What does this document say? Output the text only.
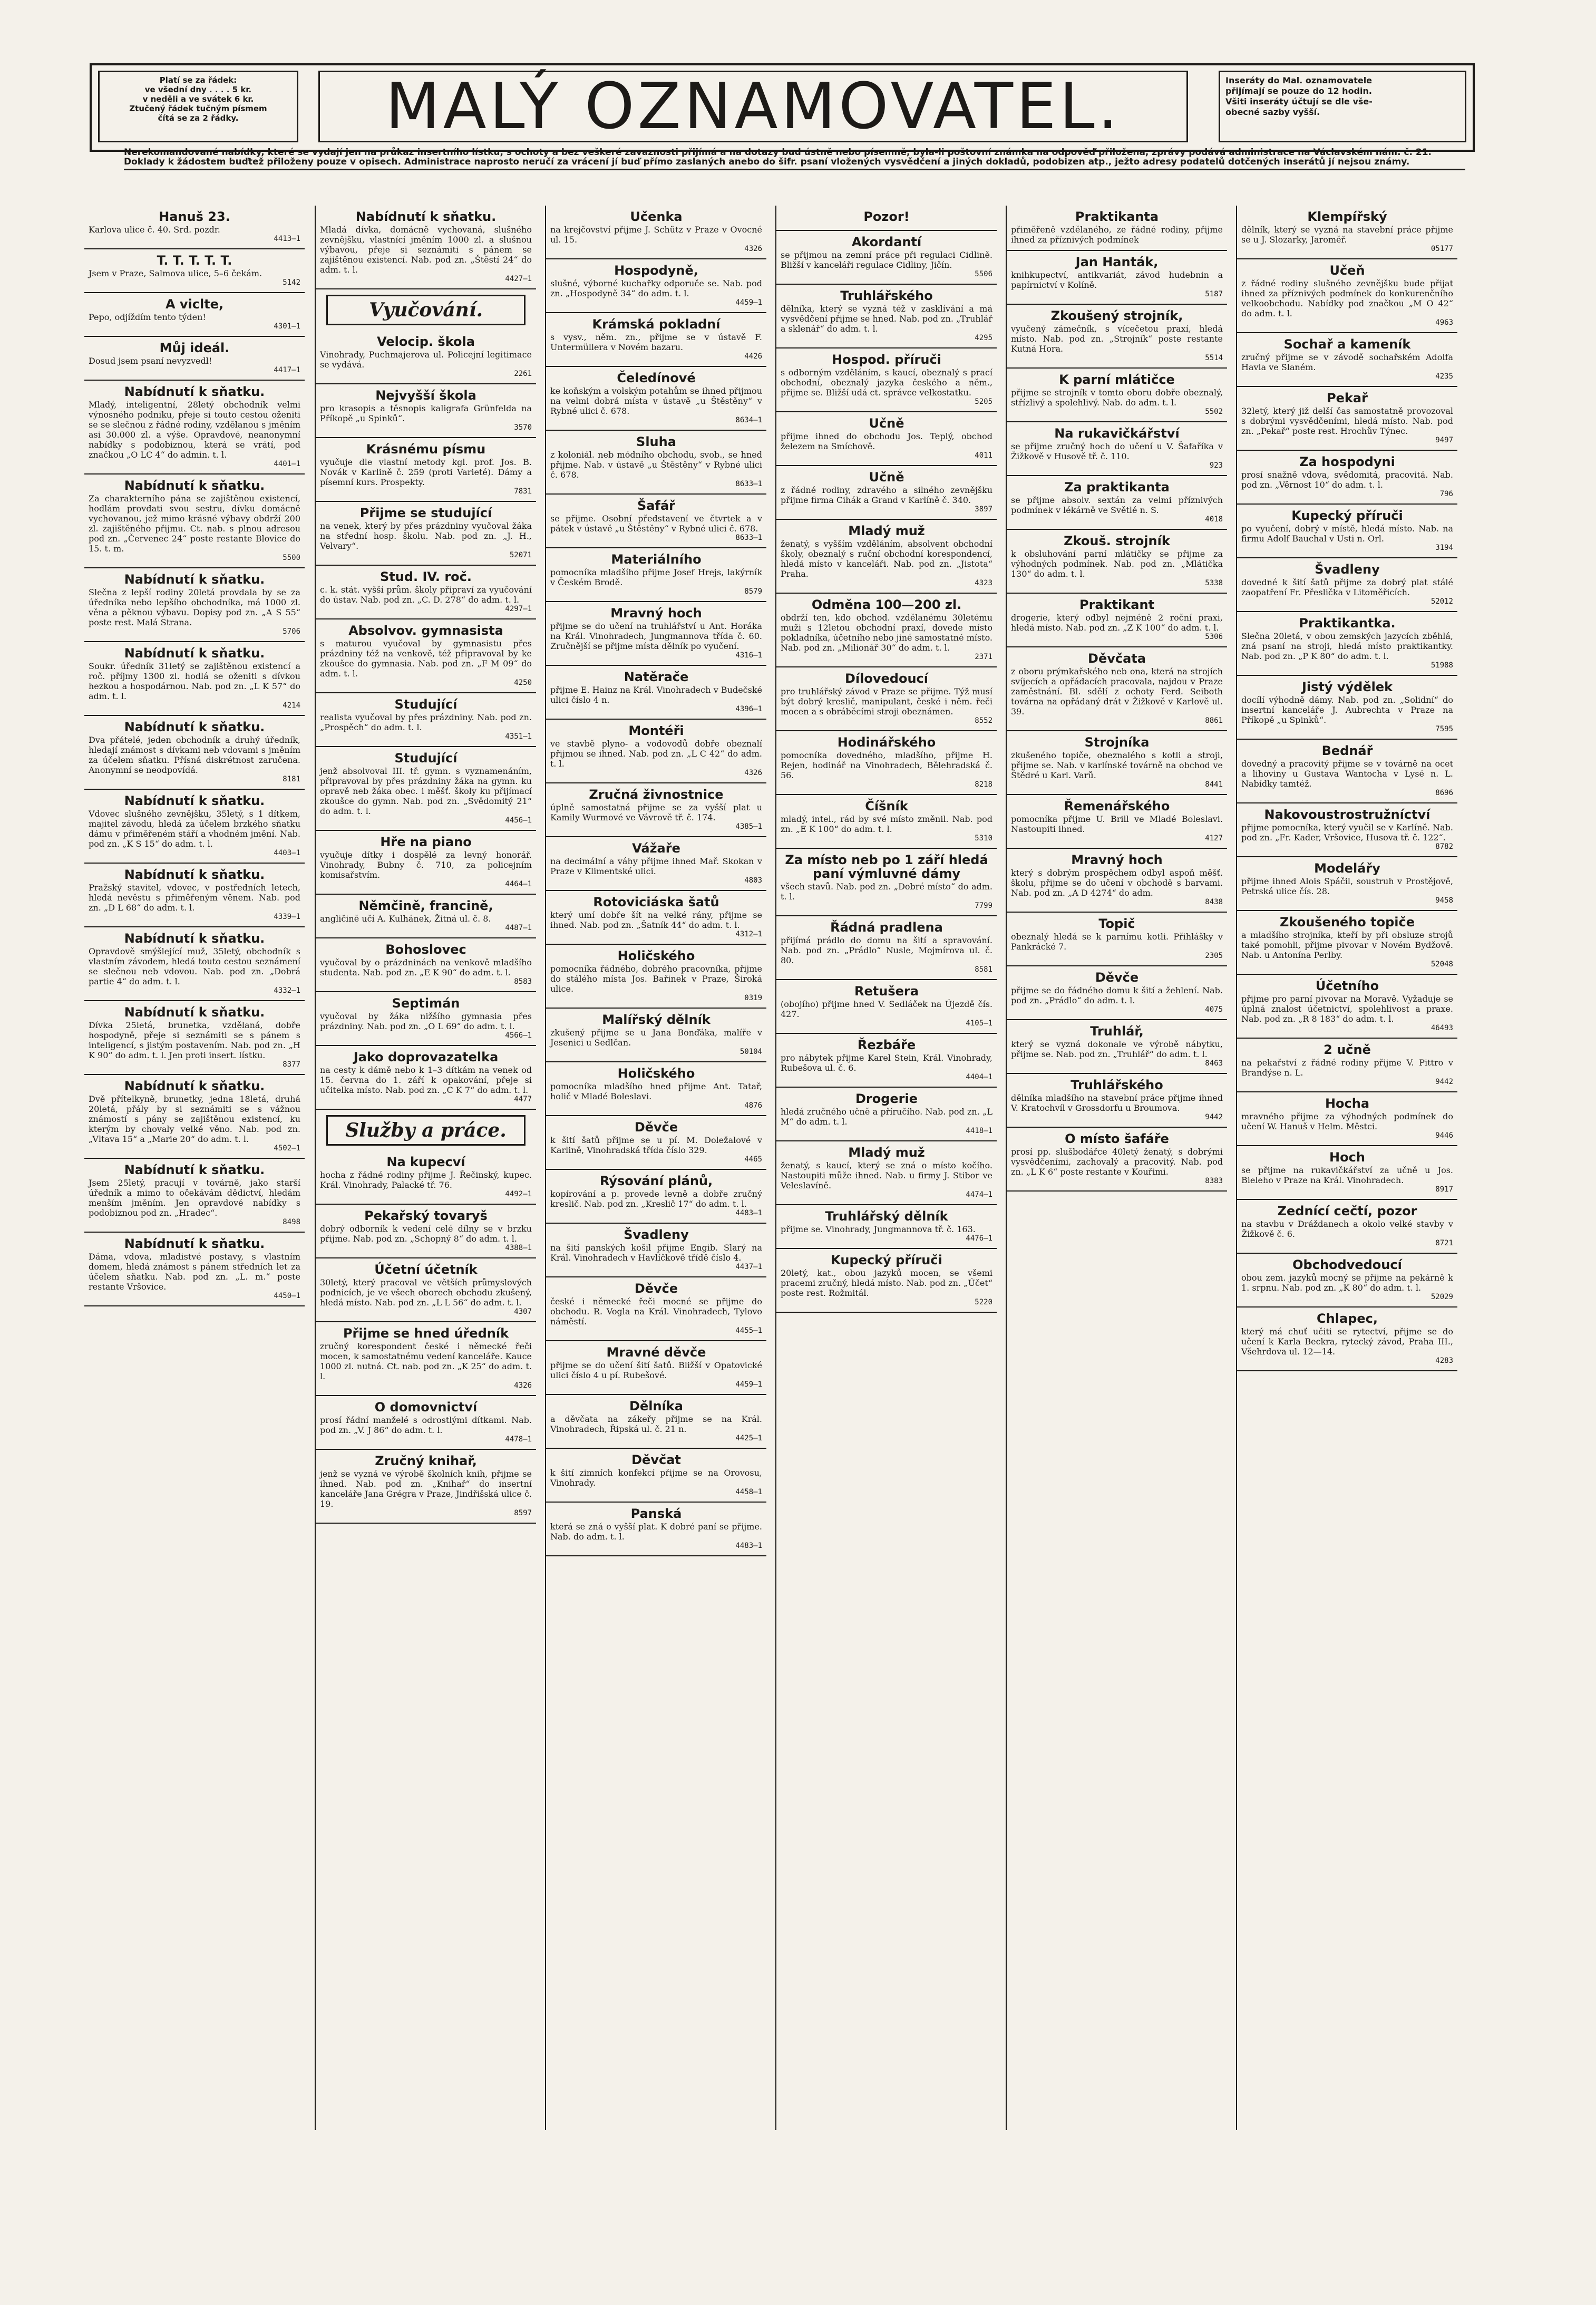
Platí se za řádek:
ve všední dny . . . . 5 kr.
v neděli a ve svátek 6 kr.
Ztučený řádek tučným písmem
čítá se za 2 řádky.	MALÝ OZNAMOVATEL.	Inseráty do Mal. oznamovatele
přijímají se pouze do 12 hodin.
Všiti inseráty účtují se dle vše-
obecné sazby vyšší.
Nerekomandované nabídky, které se vydají jen na průkaz insertního lístku, s ochoty a bez veškeré zavaznosti přijímá a na dotazy bud ústně nebo písemně, byla-li poštovní známka na odpověď přiložena, zprávy podává administrace na Václavském nám. č. 21. Doklady k žádostem buďtež přiloženy pouze v opisech. Administrace naprosto neručí za vrácení jí buď přímo zaslaných anebo do šifr. psaní vložených vysvědčení a jiných dokladů, podobizen atp., ježto adresy podatelů dotčených inserátů jí nejsou známy.
Hanuš 23.
Karlova ulice č. 40. Srd. pozdr.
4413—1
T. T. T. T. T.
Jsem v Praze, Salmova ulice, 5–6 čekám.
5142
A viclte,
Pepo, odjíždím tento týden!
4301—1
Můj ideál.
Dosud jsem psaní nevyzvedl!
4417—1
Nabídnutí k sňatku.
Mladý, inteligentní, 28letý obchodník velmi výnosného podniku, přeje si touto cestou oženiti se se slečnou z řádné rodiny, vzdělanou s jměním asi 30.000 zl. a výše. Opravdové, neanonymní nabídky s podobiznou, která se vrátí, pod značkou „O LC 4“ do admin. t. l.
4401—1
Nabídnutí k sňatku.
Za charakterního pána se zajištěnou existencí, hodlám provdati svou sestru, dívku domácně vychovanou, jež mimo krásné výbavy obdrží 200 zl. zajištěného přijmu. Ct. nab. s plnou adresou pod zn. „Červenec 24“ poste restante Blovice do 15. t. m.
5500
Nabídnutí k sňatku.
Slečna z lepší rodiny 20letá provdala by se za úředníka nebo lepšího obchodníka, má 1000 zl. věna a pěknou výbavu. Dopisy pod zn. „A S 55“ poste rest. Malá Strana.
5706
Nabídnutí k sňatku.
Soukr. úředník 31letý se zajištěnou existencí a roč. příjmy 1300 zl. hodlá se oženiti s dívkou hezkou a hospodárnou. Nab. pod zn. „L K 57“ do adm. t. l.
4214
Nabídnutí k sňatku.
Dva přátelé, jeden obchodník a druhý úředník, hledají známost s dívkami neb vdovami s jměním za účelem sňatku. Přísná diskrétnost zaručena. Anonymní se neodpovídá.
8181
Nabídnutí k sňatku.
Vdovec slušného zevnějšku, 35letý, s 1 dítkem, majitel závodu, hledá za účelem brzkého sňatku dámu v přiměřeném stáří a vhodném jmění. Nab. pod zn. „K S 15“ do adm. t. l.
4403—1
Nabídnutí k sňatku.
Pražský stavitel, vdovec, v postředních letech, hledá nevěstu s přiměřeným věnem. Nab. pod zn. „D L 68“ do adm. t. l.
4339—1
Nabídnutí k sňatku.
Opravdově smýšlející muž, 35letý, obchodník s vlastním závodem, hledá touto cestou seznámení se slečnou neb vdovou. Nab. pod zn. „Dobrá partie 4“ do adm. t. l.
4332—1
Nabídnutí k sňatku.
Dívka 25letá, brunetka, vzdělaná, dobře hospodyně, přeje si seznámiti se s pánem s inteligencí, s jistým postavením. Nab. pod zn. „H K 90“ do adm. t. l. Jen proti insert. lístku.
8377
Nabídnutí k sňatku.
Dvě přítelkyně, brunetky, jedna 18letá, druhá 20letá, přály by si seznámiti se s vážnou známostí s pány se zajištěnou existencí, ku kterým by chovaly velké věno. Nab. pod zn. „Vltava 15“ a „Marie 20“ do adm. t. l.
4502—1
Nabídnutí k sňatku.
Jsem 25letý, pracují v továrně, jako starší úředník a mimo to očekávám dědictví, hledám menším jměním. Jen opravdové nabídky s podobiznou pod zn. „Hradec“.
8498
Nabídnutí k sňatku.
Dáma, vdova, mladistvé postavy, s vlastním domem, hledá známost s pánem středních let za účelem sňatku. Nab. pod zn. „L. m.“ poste restante Vršovice.
4450—1
Nabídnutí k sňatku.
Mladá dívka, domácně vychovaná, slušného zevnějšku, vlastnící jměním 1000 zl. a slušnou výbavou, přeje si seznámiti s pánem se zajištěnou existencí. Nab. pod zn. „Štěstí 24“ do adm. t. l.
4427—1
Vyučování.
Velocip. škola
Vinohrady, Puchmajerova ul. Policejní legitimace se vydává.
2261
Nejvyšší škola
pro krasopis a těsnopis kaligrafa Grünfelda na Příkopě „u Spinků“.
3570
Krásnému písmu
vyučuje dle vlastní metody kgl. prof. Jos. B. Novák v Karlině č. 259 (proti Varieté). Dámy a písemní kurs. Prospekty.
7831
Přijme se studující
na venek, který by přes prázdniny vyučoval žáka na střední hosp. školu. Nab. pod zn. „J. H., Velvary“.
52071
Stud. IV. roč.
c. k. stát. vyšší prům. školy připraví za vyučování do ústav. Nab. pod zn. „C. D. 278“ do adm. t. l.
4297—1
Absolvov. gymnasista
s maturou vyučoval by gymnasistu přes prázdniny též na venkově, též připravoval by ke zkoušce do gymnasia. Nab. pod zn. „F M 09“ do adm. t. l.
4250
Studující
realista vyučoval by přes prázdniny. Nab. pod zn. „Prospěch“ do adm. t. l.
4351—1
Studující
jenž absolvoval III. tř. gymn. s vyznamenáním, připravoval by přes prázdniny žáka na gymn. ku opravě neb žáka obec. i měšť. školy ku přijímací zkoušce do gymn. Nab. pod zn. „Svědomitý 21“ do adm. t. l.
4456—1
Hře na piano
vyučuje dítky i dospělé za levný honorář. Vinohrady, Bubny č. 710, za policejním komisařstvím.
4464—1
Němčině, francině,
angličině učí A. Kulhánek, Žitná ul. č. 8.
4487—1
Bohoslovec
vyučoval by o prázdninách na venkově mladšího studenta. Nab. pod zn. „E K 90“ do adm. t. l.
8583
Septimán
vyučoval by žáka nižšího gymnasia přes prázdniny. Nab. pod zn. „O L 69“ do adm. t. l.
4566—1
Jako doprovazatelka
na cesty k dámě nebo k 1–3 dítkám na venek od 15. června do 1. září k opakování, přeje si učitelka místo. Nab. pod zn. „C K 7“ do adm. t. l.
4477
Služby a práce.
Na kupecví
hocha z řádné rodiny přijme J. Řečinský, kupec. Král. Vinohrady, Palacké tř. 76.
4492—1
Pekařský tovaryš
dobrý odborník k vedení celé dílny se v brzku přijme. Nab. pod zn. „Schopný 8“ do adm. t. l.
4388—1
Účetní účetník
30letý, který pracoval ve větších průmyslových podnicích, je ve všech oborech obchodu zkušený, hledá místo. Nab. pod zn. „L L 56“ do adm. t. l.
4307
Přijme se hned úředník
zručný korespondent české i německé řeči mocen, k samostatnému vedení kanceláře. Kauce 1000 zl. nutná. Ct. nab. pod zn. „K 25“ do adm. t. l.
4326
O domovnictví
prosí řádní manželé s odrostlými dítkami. Nab. pod zn. „V. J 86“ do adm. t. l.
4478—1
Zručný knihař,
jenž se vyzná ve výrobě školních knih, přijme se ihned. Nab. pod zn. „Knihař“ do insertní kanceláře Jana Grégra v Praze, Jindřišská ulice č. 19.
8597
Učenka
na krejčovství přijme J. Schütz v Praze v Ovocné ul. 15.
4326
Hospodyně,
slušné, výborné kuchařky odporuče se. Nab. pod zn. „Hospodyně 34“ do adm. t. l.
4459—1
Krámská pokladní
s vysv., něm. zn., přijme se v ústavě F. Untermüllera v Novém bazaru.
4426
Čeledínové
ke koňským a volským potahům se ihned přijmou na velmi dobrá místa v ústavě „u Štěstěny“ v Rybné ulici č. 678.
8634—1
Sluha
z koloniál. neb módního obchodu, svob., se hned přijme. Nab. v ústavě „u Štěstěny“ v Rybné ulici č. 678.
8633—1
Šafář
se přijme. Osobní představení ve čtvrtek a v pátek v ústavě „u Štěstěny“ v Rybné ulici č. 678.
8633—1
Materiálního
pomocníka mladšího přijme Josef Hrejs, lakýrník v Českém Brodě.
8579
Mravný hoch
přijme se do učení na truhlářství u Ant. Horáka na Král. Vinohradech, Jungmannova třída č. 60. Zručnější se přijme místa dělník po vyučení.
4316—1
Natěrače
přijme E. Hainz na Král. Vinohradech v Budečské ulici číslo 4 n.
4396—1
Montéři
ve stavbě plyno- a vodovodů dobře obeznalí přijmou se ihned. Nab. pod zn. „L C 42“ do adm. t. l.
4326
Zručná živnostnice
úplně samostatná přijme se za vyšší plat u Kamily Wurmové ve Vávrově tř. č. 174.
4385—1
Vážaře
na decimální a váhy přijme ihned Mař. Skokan v Praze v Klimentské ulici.
4803
Rotoviciáska šatů
který umí dobře šít na velké rány, přijme se ihned. Nab. pod zn. „Šatník 44“ do adm. t. l.
4312—1
Holičského
pomocníka řádného, dobrého pracovníka, přijme do stálého místa Jos. Bařinek v Praze, Široká ulice.
0319
Malířský dělník
zkušený přijme se u Jana Bonďáka, malíře v Jesenici u Sedlčan.
50104
Holičského
pomocníka mladšího hned přijme Ant. Tatař, holič v Mladé Boleslavi.
4876
Děvče
k šití šatů přijme se u pí. M. Doležalové v Karlině, Vinohradská třída číslo 329.
4465
Rýsování plánů,
kopírování a p. provede levně a dobře zručný kreslič. Nab. pod zn. „Kreslič 17“ do adm. t. l.
4483—1
Švadleny
na šití panských košil přijme Engib. Slarý na Král. Vinohradech v Havlíčkově třídě číslo 4.
4437—1
Děvče
české i německé řeči mocné se přijme do obchodu. R. Vogla na Král. Vinohradech, Tylovo náměstí.
4455—1
Mravné děvče
přijme se do učení šití šatů. Bližší v Opatovické ulici číslo 4 u pí. Rubešové.
4459—1
Dělníka
a děvčata na zákeřy přijme se na Král. Vinohradech, Řipská ul. č. 21 n.
4425—1
Děvčat
k šití zimních konfekcí přijme se na Orovosu, Vinohrady.
4458—1
Panská
která se zná o vyšší plat. K dobré paní se přijme. Nab. do adm. t. l.
4483—1
Pozor!
Akordantí
se přijmou na zemní práce při regulaci Cidlině. Bližší v kanceláři regulace Cidliny, Jičín.
5506
Truhlářského
dělníka, který se vyzná též v zasklívání a má vysvědčení přijme se hned. Nab. pod zn. „Truhlář a sklenář“ do adm. t. l.
4295
Hospod. příruči
s odborným vzděláním, s kaucí, obeznalý s prací obchodní, obeznalý jazyka českého a něm., přijme se. Bližší udá ct. správce velkostatku.
5205
Učně
přijme ihned do obchodu Jos. Teplý, obchod železem na Smíchově.
4011
Učně
z řádné rodiny, zdravého a silného zevnějšku přijme firma Cihák a Grand v Karlíně č. 340.
3897
Mladý muž
ženatý, s vyšším vzděláním, absolvent obchodní školy, obeznalý s ruční obchodní korespondencí, hledá místo v kanceláři. Nab. pod zn. „Jistota“ Praha.
4323
Odměna 100—200 zl.
obdrží ten, kdo obchod. vzdělanému 30letému muži s 12letou obchodní praxí, dovede místo pokladníka, účetního nebo jiné samostatné místo. Nab. pod zn. „Milionář 30“ do adm. t. l.
2371
Dílovedoucí
pro truhlářský závod v Praze se přijme. Týž musí být dobrý kreslič, manipulant, české i něm. řeči mocen a s obráběcími stroji obeznámen.
8552
Hodinářského
pomocníka dovedného, mladšího, přijme H. Rejen, hodinář na Vinohradech, Bělehradská č. 56.
8218
Číšník
mladý, intel., rád by své místo změnil. Nab. pod zn. „E K 100“ do adm. t. l.
5310
Za místo neb po 1 září hledá paní výmluvné dámy
všech stavů. Nab. pod zn. „Dobré místo“ do adm. t. l.
7799
Řádná pradlena
přijímá prádlo do domu na šití a spravování. Nab. pod zn. „Prádlo“ Nusle, Mojmírova ul. č. 80.
8581
Retušera
(obojího) přijme hned V. Sedláček na Újezdě čís. 427.
4105—1
Řezbáře
pro nábytek přijme Karel Stein, Král. Vinohrady, Rubešova ul. č. 6.
4404—1
Drogerie
hledá zručného učně a příručího. Nab. pod zn. „L M“ do adm. t. l.
4418—1
Mladý muž
ženatý, s kaucí, který se zná o místo kočího. Nastoupiti může ihned. Nab. u firmy J. Stibor ve Veleslavíně.
4474—1
Truhlářský dělník
přijme se. Vinohrady, Jungmannova tř. č. 163.
4476—1
Kupecký příruči
20letý, kat., obou jazyků mocen, se všemi pracemi zručný, hledá místo. Nab. pod zn. „Účet“ poste rest. Rožmitál.
5220
Praktikanta
přiměřeně vzdělaného, ze řádné rodiny, přijme ihned za příznivých podmínek
Jan Hanták,
knihkupectví, antikvariát, závod hudebnin a papírnictví v Kolíně.
5187
Zkoušený strojník,
vyučený zámečník, s vícečetou praxí, hledá místo. Nab. pod zn. „Strojník“ poste restante Kutná Hora.
5514
K parní mlátičce
přijme se strojník v tomto oboru dobře obeznalý, střízlivý a spolehlivý. Nab. do adm. t. l.
5502
Na rukavičkářství
se přijme zručný hoch do učení u V. Šafaříka v Žižkově v Husově tř. č. 110.
923
Za praktikanta
se přijme absolv. sextán za velmi příznivých podmínek v lékárně ve Světlé n. S.
4018
Zkouš. strojník
k obsluhování parní mlátičky se přijme za výhodných podmínek. Nab. pod zn. „Mlátička 130“ do adm. t. l.
5338
Praktikant
drogerie, který odbyl nejméně 2 roční praxi, hledá místo. Nab. pod zn. „Z K 100“ do adm. t. l.
5306
Děvčata
z oboru prýmkařského neb ona, která na strojích svíjecích a opřádacích pracovala, najdou v Praze zaměstnání. Bl. sdělí z ochoty Ferd. Seiboth továrna na opřádaný drát v Žižkově v Karlově ul. 39.
8861
Strojníka
zkušeného topiče, obeznalého s kotli a stroji, přijme se. Nab. v karlínské továrně na obchod ve Štědré u Karl. Varů.
8441
Řemenářského
pomocníka přijme U. Brill ve Mladé Boleslavi. Nastoupiti ihned.
4127
Mravný hoch
který s dobrým prospěchem odbyl aspoň měšť. školu, přijme se do učení v obchodě s barvami. Nab. pod zn. „A D 4274“ do adm.
8438
Topič
obeznalý hledá se k parnímu kotli. Přihlášky v Pankrácké 7.
2305
Děvče
přijme se do řádného domu k šití a žehlení. Nab. pod zn. „Prádlo“ do adm. t. l.
4075
Truhlář,
který se vyzná dokonale ve výrobě nábytku, přijme se. Nab. pod zn. „Truhlář“ do adm. t. l.
8463
Truhlářského
dělníka mladšího na stavební práce přijme ihned V. Kratochvíl v Grossdorfu u Broumova.
9442
O místo šafáře
prosí pp. slušbodářce 40letý ženatý, s dobrými vysvědčeními, zachovalý a pracovitý. Nab. pod zn. „L K 6“ poste restante v Kouřimi.
8383
Klempířský
dělník, který se vyzná na stavební práce přijme se u J. Slozarky, Jaroměř.
05177
Učeň
z řádné rodiny slušného zevnějšku bude přijat ihned za příznivých podmínek do konkurenčního velkoobchodu. Nabídky pod značkou „M O 42“ do adm. t. l.
4963
Sochař a kameník
zručný přijme se v závodě sochařském Adolfa Havla ve Slaném.
4235
Pekař
32letý, který již delší čas samostatně provozoval s dobrými vysvědčeními, hledá místo. Nab. pod zn. „Pekař“ poste rest. Hrochův Týnec.
9497
Za hospodyni
prosí snažně vdova, svědomitá, pracovitá. Nab. pod zn. „Věrnost 10“ do adm. t. l.
796
Kupecký příruči
po vyučení, dobrý v místě, hledá místo. Nab. na firmu Adolf Bauchal v Usti n. Orl.
3194
Švadleny
dovedné k šití šatů přijme za dobrý plat stálé zaopatření Fr. Přeslička v Litoměřicích.
52012
Praktikantka.
Slečna 20letá, v obou zemských jazycích zběhlá, zná psaní na stroji, hledá místo praktikantky. Nab. pod zn. „P K 80“ do adm. t. l.
51988
Jistý výdělek
docílí výhodně dámy. Nab. pod zn. „Solidní“ do insertní kanceláře J. Aubrechta v Praze na Příkopě „u Spinků“.
7595
Bednář
dovedný a pracovitý přijme se v továrně na ocet a lihoviny u Gustava Wantocha v Lysé n. L. Nabídky tamtéž.
8696
Nakovoustrostružníctví
přijme pomocníka, který vyučil se v Karlíně. Nab. pod zn. „Fr. Kader, Vršovice, Husova tř. č. 122“.
8782
Modelářy
přijme ihned Alois Spáčil, soustruh v Prostějově, Petrská ulice čís. 28.
9458
Zkoušeného topiče
a mladšího strojníka, kteří by při obsluze strojů také pomohli, přijme pivovar v Novém Bydžově. Nab. u Antonína Perlby.
52048
Účetního
přijme pro parní pivovar na Moravě. Vyžaduje se úplná znalost účetnictví, spolehlivost a praxe. Nab. pod zn. „R 8 183“ do adm. t. l.
46493
2 učně
na pekařství z řádné rodiny přijme V. Pittro v Brandýse n. L.
9442
Hocha
mravného přijme za výhodných podmínek do učení W. Hanuš v Helm. Městci.
9446
Hoch
se přijme na rukavičkářství za učně u Jos. Bieleho v Praze na Král. Vinohradech.
8917
Zednící cečtí, pozor
na stavbu v Dráždanech a okolo velké stavby v Žižkově č. 6.
8721
Obchodvedoucí
obou zem. jazyků mocný se přijme na pekárně k 1. srpnu. Nab. pod zn. „K 80“ do adm. t. l.
52029
Chlapec,
který má chuť učiti se rytectví, přijme se do učení k Karla Beckra, rytecký závod, Praha III., Všehrdova ul. 12—14.
4283
